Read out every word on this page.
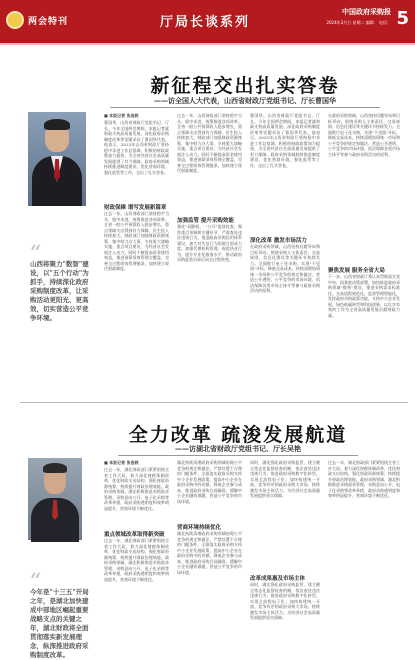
两会特刊	厅局长谈系列
中国政府采购报
2024年3月日 星期二 编辑： 电话： 5
新征程交出扎实答卷
——访全国人大代表，山西省财政厅党组书记、厅长曹国华
“
山西将聚力"数智"建设，以"五个行动"为抓手，持续深化政府采购制度改革，让采购活动更阳光、更高效，切实营造公平竞争环境。
■ 本报记者 张连轶
曹国华，山西省财政厅党组书记、厅长。今年全国两会期间，本报记者就财政支持高质量发展、深化政府采购制度改革等话题采访了曹国华代表。他表示，2023年山西省财政厅坚持稳中求进工作总基调，积极的财政政策加力提效，为全省经济社会高质量发展提供了有力保障。政府采购领域持续推进制度建设、优化营商环境、强化监管等工作，交出了扎实答卷。
财政保障 谱写发展新篇章
过去一年，山西财政部门坚持稳字当头、稳中求进，统筹推进各项改革。全省一般公共预算收入稳步增长，重点领域支出得到有力保障，民生投入持续加大。财政部门加强财政资源统筹，集中财力办大事，支持重大战略实施、重点项目建设，为经济社会发展注入动力。同时不断提高资金使用效益，推进预算绩效管理全覆盖，完善全过程绩效管理链条，加快建立现代财政制度。
过去一年，山西财政部门坚持稳字当头、稳中求进，统筹推进各项改革。全省一般公共预算收入稳步增长，重点领域支出得到有力保障，民生投入持续加大。财政部门加强财政资源统筹，集中财力办大事，支持重大战略实施、重点项目建设，为经济社会发展注入动力。同时不断提高资金使用效益，推进预算绩效管理全覆盖，完善全过程绩效管理链条，加快建立现代财政制度。
加强监管 提升采购效能
强化"双随机、一公开"监督检查，聚焦重点领域和关键环节，严肃查处违法违规行为。推进政府采购信用体系建设，加大对失信行为的联合惩戒力度。加强代理机构管理，规范执业行为，提升专业化服务水平，推动政府采购监管由事后向全过程转变。
曹国华，山西省财政厅党组书记、厅长。今年全国两会期间，本报记者就财政支持高质量发展、深化政府采购制度改革等话题采访了曹国华代表。他表示，2023年山西省财政厅坚持稳中求进工作总基调，积极的财政政策加力提效，为全省经济社会高质量发展提供了有力保障。政府采购领域持续推进制度建设、优化营商环境、强化监管等工作，交出了扎实答卷。
深化改革 激发市场活力
在政府采购领域，山西坚持问题导向和目标导向，围绕采购人主体责任、交易规则、信息化建设等关键环节持续发力。全面推行电子化采购，实现"不见面"开标，降低交易成本。持续清理妨碍统一市场和公平竞争的规定和做法，营造公开透明、公平竞争的市场环境，依法保障各类市场主体平等参与政府采购活动的权利。
在政府采购领域，山西坚持问题导向和目标导向，围绕采购人主体责任、交易规则、信息化建设等关键环节持续发力。全面推行电子化采购，实现"不见面"开标，降低交易成本。持续清理妨碍统一市场和公平竞争的规定和做法，营造公开透明、公平竞争的市场环境，依法保障各类市场主体平等参与政府采购活动的权利。
聚焦发展 服务全省大局
下一步，山西省财政厅将认真贯彻落实党中央、国务院决策部署，加快推进政府采购领域"数智"建设，推进采购需求标准化、交易流程规范化、监督管理智能化，发挥政府采购政策功能，支持中小企业发展、绿色低碳转型和科技创新，以扎实有效的工作为全省高质量发展贡献财政力量。
全力改革 疏浚发展航道
——访湖北省财政厅党组书记、厅长吴艳
“
今年是"十三五"开局之年，是湖北加快建成中部地区崛起重要战略支点的关键之年，湖北财政将全面贯彻落实新发展理念，纵深推进政府采购制度改革。
■ 本报记者 张连轶
过去一年，湖北财政部门紧紧围绕全省工作大局，着力深化财税体制改革，优化财政支出结构，强化财政资源统筹，持续提升财政治理效能。政府采购领域，湖北积极推进采购需求管理、采购意向公开、电子化采购等改革举措，政府采购透明度和效率明显提升，营商环境不断优化。
重点领域改革取得新突破
过去一年，湖北财政部门紧紧围绕全省工作大局，着力深化财税体制改革，优化财政支出结构，强化财政资源统筹，持续提升财政治理效能。政府采购领域，湖北积极推进采购需求管理、采购意向公开、电子化采购等改革举措，政府采购透明度和效率明显提升，营商环境不断优化。
湖北持续清理政府采购领域妨碍公平竞争的规定和做法，严禁设置不合理的门槛条件，全面落实政府采购支持中小企业发展政策，提高中小企业在政府采购中的份额，降低企业参与成本，推进政府采购合同融资，缓解中小企业融资难题，营造公平竞争的市场环境。
营商环境持续优化
湖北持续清理政府采购领域妨碍公平竞争的规定和做法，严禁设置不合理的门槛条件，全面落实政府采购支持中小企业发展政策，提高中小企业在政府采购中的份额，降低企业参与成本，推进政府采购合同融资，缓解中小企业融资难题，营造公平竞争的市场环境。
同时，湖北强化政府采购监管，建立健全常态化监督检查机制，依法查处违法违规行为；推进政府采购数字化转型，实现全流程电子化；加快构建统一开放、竞争有序的政府采购大市场，持续激发市场主体活力，为经济社会高质量发展提供坚实保障。
改革成果惠及市场主体
同时，湖北强化政府采购监管，建立健全常态化监督检查机制，依法查处违法违规行为；推进政府采购数字化转型，实现全流程电子化；加快构建统一开放、竞争有序的政府采购大市场，持续激发市场主体活力，为经济社会高质量发展提供坚实保障。
过去一年，湖北财政部门紧紧围绕全省工作大局，着力深化财税体制改革，优化财政支出结构，强化财政资源统筹，持续提升财政治理效能。政府采购领域，湖北积极推进采购需求管理、采购意向公开、电子化采购等改革举措，政府采购透明度和效率明显提升，营商环境不断优化。
